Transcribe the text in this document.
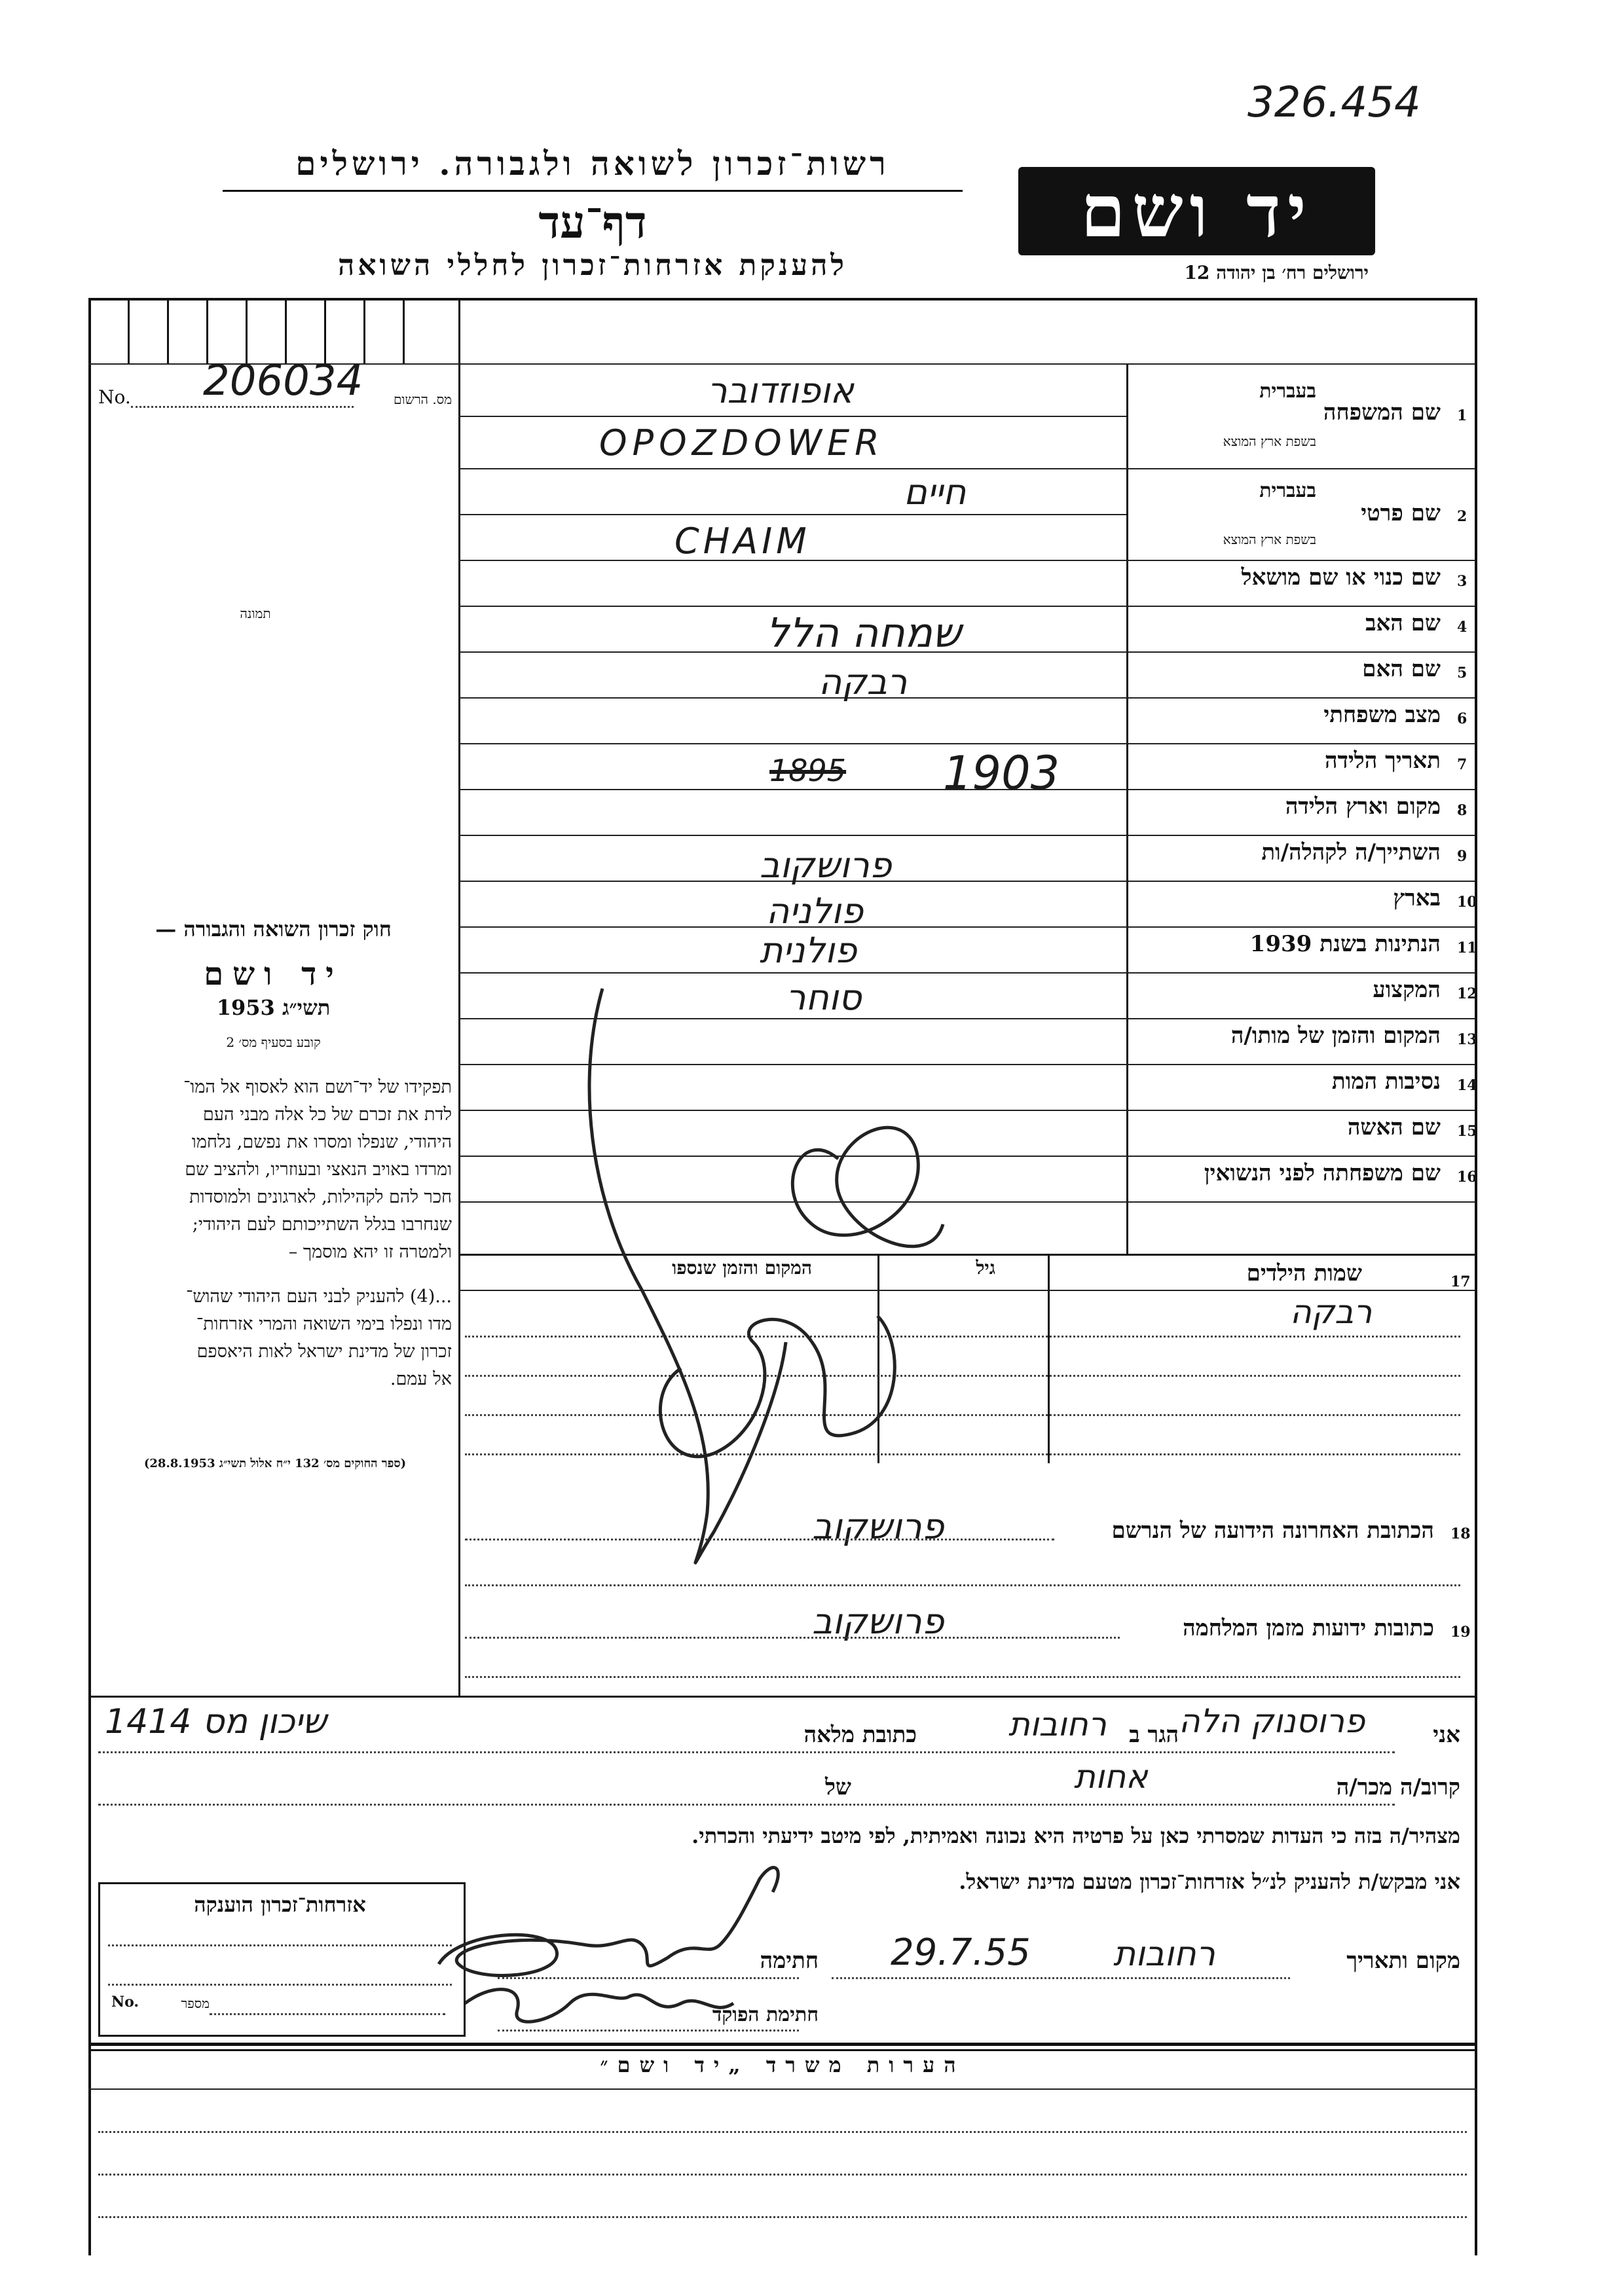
326.454
רשות־זכרון לשואה ולגבורה. ירושלים
דף־עד
להענקת אזרחות־זכרון לחללי השואה
יד ושם
ירושלים רח׳ בן יהודה 12
No. 206034	מס. הרשום
תמונה
חוק זכרון השואה והגבורה —
יד ושם
תשי״ג 1953
קובע בסעיף מס׳ 2
תפקידו של יד־ושם הוא לאסוף אל המו־
לדת את זכרם של כל אלה מבני העם
היהודי, שנפלו ומסרו את נפשם, נלחמו
ומרדו באויב הנאצי ובעוזריו, ולהציב שם
חכר להם לקהילות, לארגונים ולמוסדות
שנחרבו בגלל השתייכותם לעם היהודי;
ולמטרה זו יהא מוסמך –
...(4) להעניק לבני העם היהודי שהוש־
מדו ונפלו בימי השואה והמרי אזרחות־
זכרון של מדינת ישראל לאות היאספם
אל עמם.
(ספר החוקים מס׳ 132 י״ח אלול תשי״ג 28.8.1953)
1
שם המשפחה
בעברית
בשפת ארץ המוצא
אופוזדובר
OPOZDOWER
2
שם פרטי
בעברית
בשפת ארץ המוצא
חיים
CHAIM
3
שם כנוי או שם מושאל
4
שם האב
שמחה הלל
5
שם האם
רבקה
6
מצב משפחתי
7
תאריך הלידה
1895 1903
8
מקום וארץ הלידה
9
השתייך/ה לקהלה/ות
פרושקוב
10
בארץ
פולניה
11
הנתינות בשנת 1939
פולנית
12
המקצוע
סוחר
13
המקום והזמן של מותו/ה
14
נסיבות המות
15
שם האשה
16
שם משפחתה לפני הנשואין
17
שמות הילדים
גיל
המקום והזמן שנספו
רבקה
18
הכתובת האחרונה הידועה של הנרשם
פרושקוב
19
כתובות ידועות מזמן המלחמה
פרושקוב
אני
פרוסנוק הלה
הגר ב
רחובות
כתובת מלאה
שיכון מס 1414
קרוב/ה מכר/ה
אחות
של
מצהיר/ה בזה כי העדות שמסרתי כאן על פרטיה היא נכונה ואמיתית, לפי מיטב ידיעתי והכרתי.
אני מבקש/ת להעניק לנ״ל אזרחות־זכרון מטעם מדינת ישראל.
אזרחות־זכרון הוענקה
No.	מספר
מקום ותאריך
רחובות
29.7.55
חתימה
חתימת הפוקד
הערות משרד „יד ושם״
